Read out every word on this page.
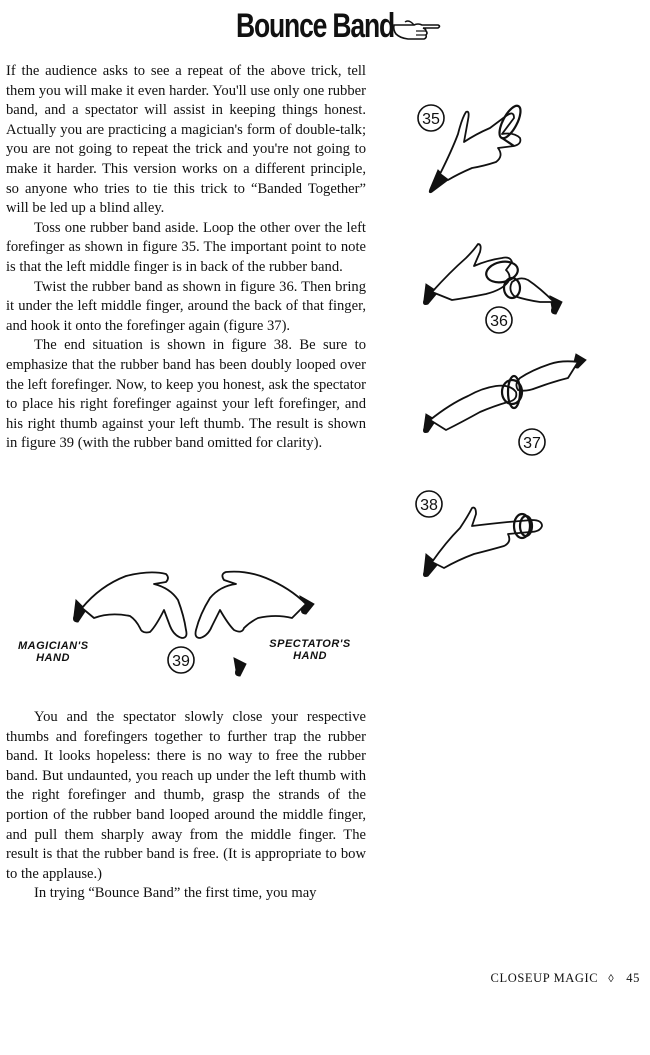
Bounce Band

If the audience asks to see a repeat of the above trick, tell them you will make it even harder. You'll use only one rubber band, and a spectator will assist in keeping things honest. Actually you are practicing a magician's form of double-talk; you are not going to repeat the trick and you're not going to make it harder. This version works on a different principle, so anyone who tries to tie this trick to “Banded Together” will be led up a blind alley.

Toss one rubber band aside. Loop the other over the left forefinger as shown in figure 35. The important point to note is that the left middle finger is in back of the rubber band.

Twist the rubber band as shown in figure 36. Then bring it under the left middle finger, around the back of that finger, and hook it onto the forefinger again (figure 37).

The end situation is shown in figure 38. Be sure to emphasize that the rubber band has been doubly looped over the left forefinger. Now, to keep you honest, ask the spectator to place his right forefinger against your left forefinger, and his right thumb against your left thumb. The result is shown in figure 39 (with the rubber band omitted for clarity).

35
36
37
38
39
MAGICIAN'S
HAND
SPECTATOR'S
HAND

You and the spectator slowly close your respective thumbs and forefingers together to further trap the rubber band. It looks hopeless: there is no way to free the rubber band. But undaunted, you reach up under the left thumb with the right forefinger and thumb, grasp the strands of the portion of the rubber band looped around the middle finger, and pull them sharply away from the middle finger. The result is that the rubber band is free. (It is appropriate to bow to the applause.)

In trying “Bounce Band” the first time, you may

CLOSEUP MAGIC ◊ 45
